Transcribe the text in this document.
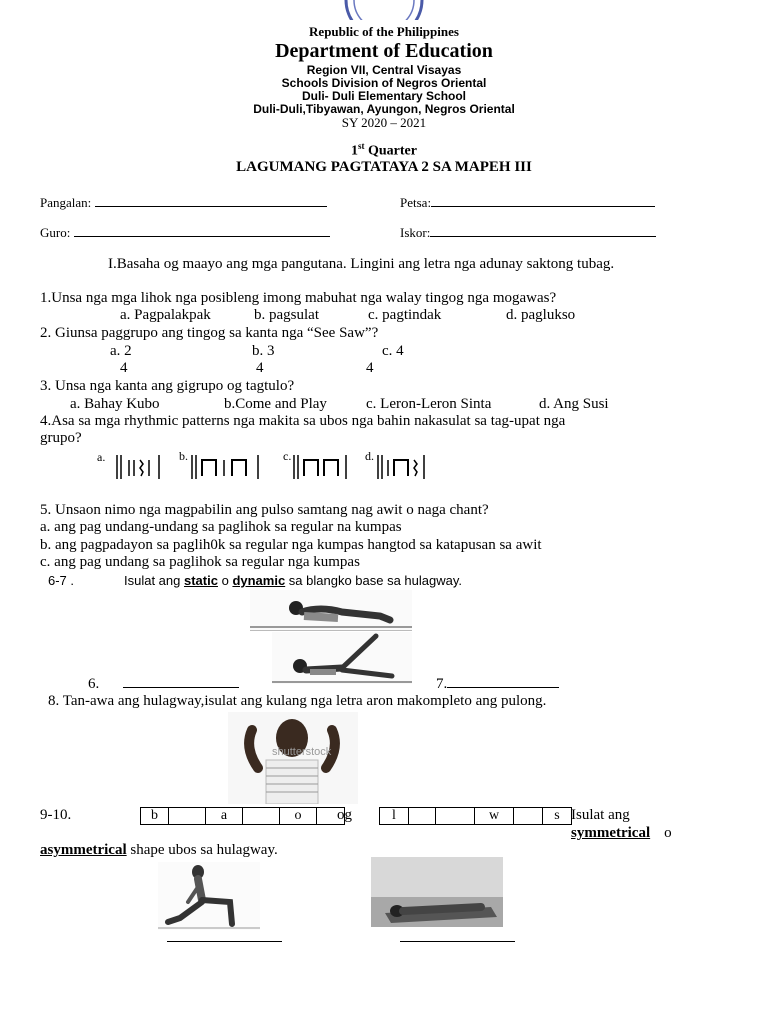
Republic of the Philippines
Department of Education
Region VII, Central Visayas
Schools Division of Negros Oriental
Duli- Duli Elementary School
Duli-Duli,Tibyawan, Ayungon, Negros Oriental
SY 2020 – 2021
1st Quarter
LAGUMANG PAGTATAYA 2 SA MAPEH III
Pangalan:	Petsa:
Guro:	Iskor:
I.Basaha og maayo ang mga pangutana. Lingini ang letra nga adunay saktong tubag.
1.Unsa nga mga lihok nga posibleng imong mabuhat nga walay tingog nga mogawas?
a. Pagpalakpak	b. pagsulat	c. pagtindak	d. paglukso
2. Giunsa paggrupo ang tingog sa kanta nga “See Saw”?
a. 2	b. 3	c. 4
4	4	4
3. Unsa nga kanta ang gigrupo og tagtulo?
a. Bahay Kubo	b.Come and Play	c. Leron-Leron Sinta	d. Ang Susi
4.Asa sa mga rhythmic patterns nga makita sa ubos nga bahin nakasulat sa tag-upat nga
grupo?
a.	b.	c.	d.
5. Unsaon nimo nga magpabilin ang pulso samtang nag awit o naga chant?
a. ang pag undang-undang sa paglihok sa regular na kumpas
b. ang pagpadayon sa paglih0k sa regular nga kumpas hangtod sa katapusan sa awit
c. ang pag undang sa paglihok sa regular nga kumpas
6-7 .	Isulat ang static o dynamic sa blangko base sa hulagway.
6.	7.
8. Tan-awa ang hulagway,isulat ang kulang nga letra aron makompleto ang pulong.
shutterstock
9-10.	b	a	o	og	l	w	s Isulat ang
symmetrical o
asymmetrical shape ubos sa hulagway.
